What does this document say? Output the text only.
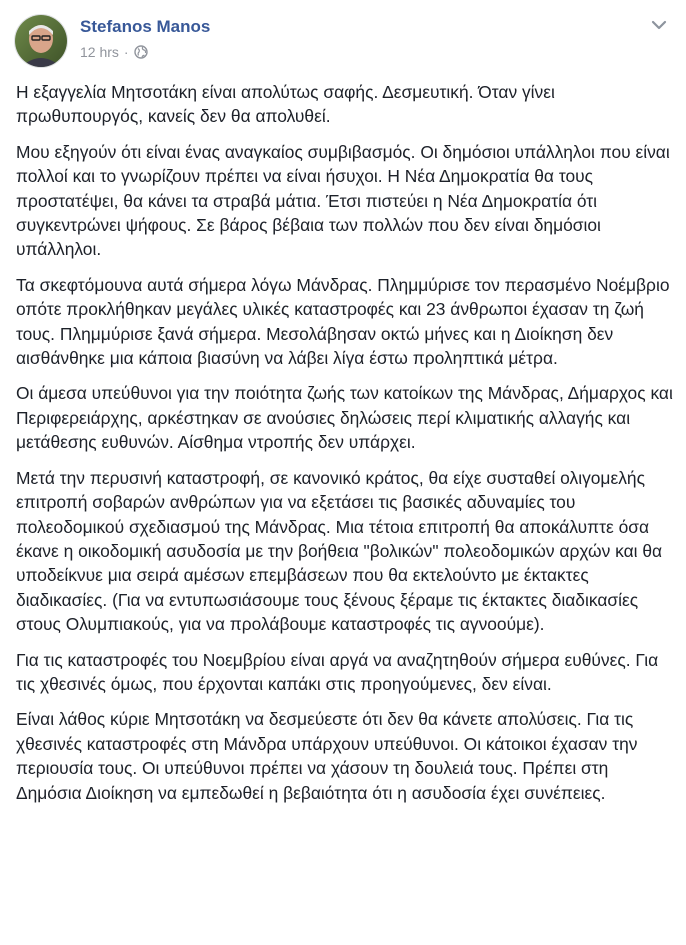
Stefanos Manos
12 hrs ·

Η εξαγγελία Μητσοτάκη είναι απολύτως σαφής. Δεσμευτική. Όταν γίνει πρωθυπουργός, κανείς δεν θα απολυθεί.

Μου εξηγούν ότι είναι ένας αναγκαίος συμβιβασμός. Οι δημόσιοι υπάλληλοι που είναι πολλοί και το γνωρίζουν πρέπει να είναι ήσυχοι. Η Νέα Δημοκρατία θα τους προστατέψει, θα κάνει τα στραβά μάτια. Έτσι πιστεύει η Νέα Δημοκρατία ότι συγκεντρώνει ψήφους. Σε βάρος βέβαια των πολλών που δεν είναι δημόσιοι υπάλληλοι.

Τα σκεφτόμουνα αυτά σήμερα λόγω Μάνδρας. Πλημμύρισε τον περασμένο Νοέμβριο οπότε προκλήθηκαν μεγάλες υλικές καταστροφές και 23 άνθρωποι έχασαν τη ζωή τους. Πλημμύρισε ξανά σήμερα. Μεσολάβησαν οκτώ μήνες και η Διοίκηση δεν αισθάνθηκε μια κάποια βιασύνη να λάβει λίγα έστω προληπτικά μέτρα.

Οι άμεσα υπεύθυνοι για την ποιότητα ζωής των κατοίκων της Μάνδρας, Δήμαρχος και Περιφερειάρχης, αρκέστηκαν σε ανούσιες δηλώσεις περί κλιματικής αλλαγής και μετάθεσης ευθυνών. Αίσθημα ντροπής δεν υπάρχει.

Μετά την περυσινή καταστροφή, σε κανονικό κράτος, θα είχε συσταθεί ολιγομελής επιτροπή σοβαρών ανθρώπων για να εξετάσει τις βασικές αδυναμίες του πολεοδομικού σχεδιασμού της Μάνδρας. Μια τέτοια επιτροπή θα αποκάλυπτε όσα έκανε η οικοδομική ασυδοσία με την βοήθεια "βολικών" πολεοδομικών αρχών και θα υποδείκνυε μια σειρά αμέσων επεμβάσεων που θα εκτελούντο με έκτακτες διαδικασίες. (Για να εντυπωσιάσουμε τους ξένους ξέραμε τις έκτακτες διαδικασίες στους Ολυμπιακούς, για να προλάβουμε καταστροφές τις αγνοούμε).

Για τις καταστροφές του Νοεμβρίου είναι αργά να αναζητηθούν σήμερα ευθύνες. Για τις χθεσινές όμως, που έρχονται καπάκι στις προηγούμενες, δεν είναι.

Είναι λάθος κύριε Μητσοτάκη να δεσμεύεστε ότι δεν θα κάνετε απολύσεις. Για τις χθεσινές καταστροφές στη Μάνδρα υπάρχουν υπεύθυνοι. Οι κάτοικοι έχασαν την περιουσία τους. Οι υπεύθυνοι πρέπει να χάσουν τη δουλειά τους. Πρέπει στη Δημόσια Διοίκηση να εμπεδωθεί η βεβαιότητα ότι η ασυδοσία έχει συνέπειες.
